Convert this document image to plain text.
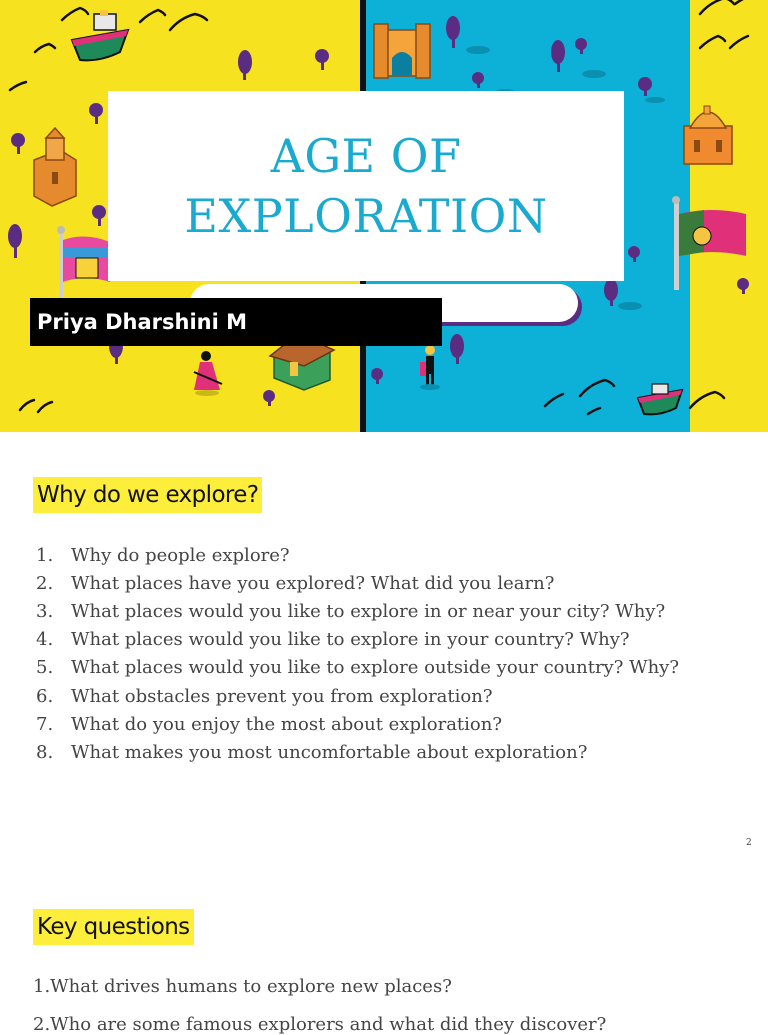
AGE OF
EXPLORATION
Priya Dharshini M
Why do we explore?
1. Why do people explore?
2. What places have you explored? What did you learn?
3. What places would you like to explore in or near your city? Why?
4. What places would you like to explore in your country? Why?
5. What places would you like to explore outside your country? Why?
6. What obstacles prevent you from exploration?
7. What do you enjoy the most about exploration?
8. What makes you most uncomfortable about exploration?
2
Key questions
1.What drives humans to explore new places?
2.Who are some famous explorers and what did they discover?
